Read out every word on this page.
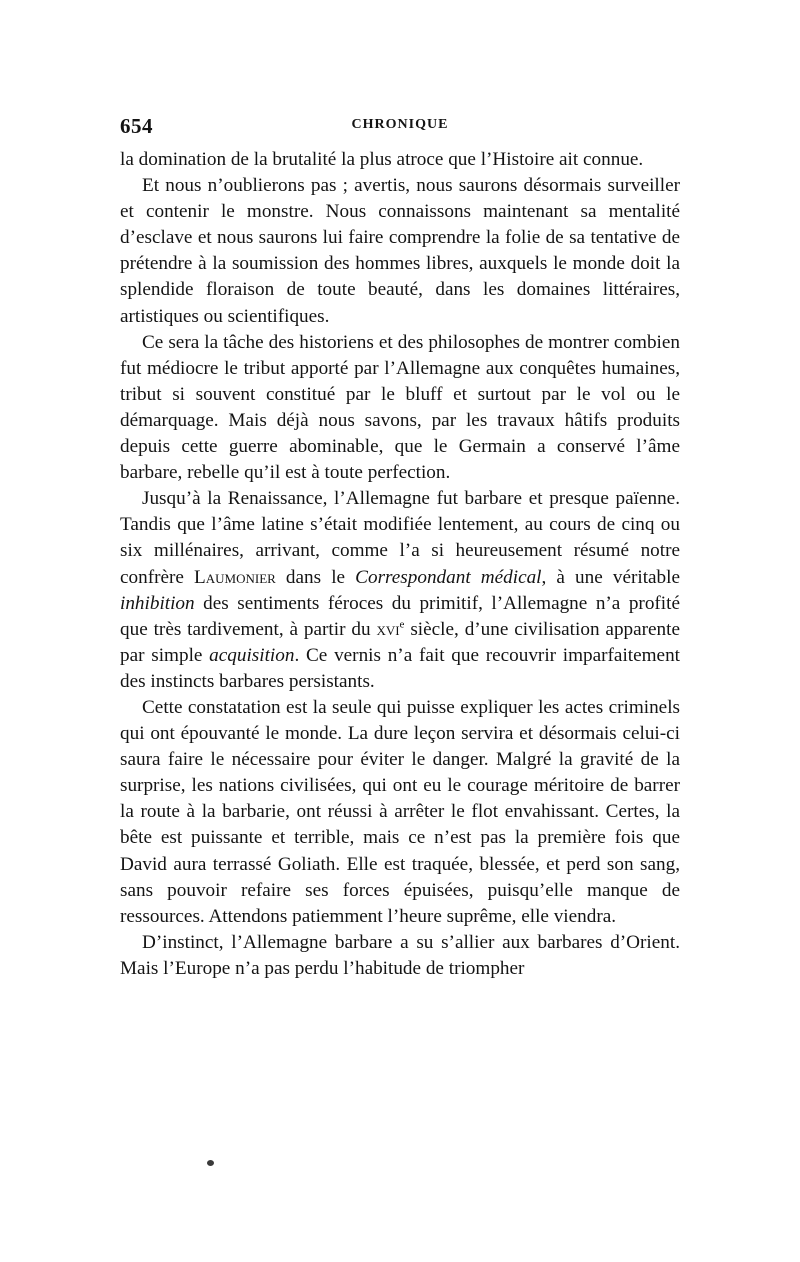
654	CHRONIQUE

la domination de la brutalité la plus atroce que l’Histoire ait connue.

Et nous n’oublierons pas ; avertis, nous saurons désormais surveiller et contenir le monstre. Nous connaissons maintenant sa mentalité d’esclave et nous saurons lui faire comprendre la folie de sa tentative de prétendre à la soumission des hommes libres, auxquels le monde doit la splendide floraison de toute beauté, dans les domaines littéraires, artistiques ou scientifiques.

Ce sera la tâche des historiens et des philosophes de montrer combien fut médiocre le tribut apporté par l’Allemagne aux conquêtes humaines, tribut si souvent constitué par le bluff et surtout par le vol ou le démarquage. Mais déjà nous savons, par les travaux hâtifs produits depuis cette guerre abominable, que le Germain a conservé l’âme barbare, rebelle qu’il est à toute perfection.

Jusqu’à la Renaissance, l’Allemagne fut barbare et presque païenne. Tandis que l’âme latine s’était modifiée lentement, au cours de cinq ou six millénaires, arrivant, comme l’a si heureusement résumé notre confrère Laumonier dans le Correspondant médical, à une véritable inhibition des sentiments féroces du primitif, l’Allemagne n’a profité que très tardivement, à partir du xvi$^e$ siècle, d’une civilisation apparente par simple acquisition. Ce vernis n’a fait que recouvrir imparfaitement des instincts barbares persistants.

Cette constatation est la seule qui puisse expliquer les actes criminels qui ont épouvanté le monde. La dure leçon servira et désormais celui-ci saura faire le nécessaire pour éviter le danger. Malgré la gravité de la surprise, les nations civilisées, qui ont eu le courage méritoire de barrer la route à la barbarie, ont réussi à arrêter le flot envahissant. Certes, la bête est puissante et terrible, mais ce n’est pas la première fois que David aura terrassé Goliath. Elle est traquée, blessée, et perd son sang, sans pouvoir refaire ses forces épuisées, puisqu’elle manque de ressources. Attendons patiemment l’heure suprême, elle viendra.

D’instinct, l’Allemagne barbare a su s’allier aux barbares d’Orient. Mais l’Europe n’a pas perdu l’habitude de triompher
